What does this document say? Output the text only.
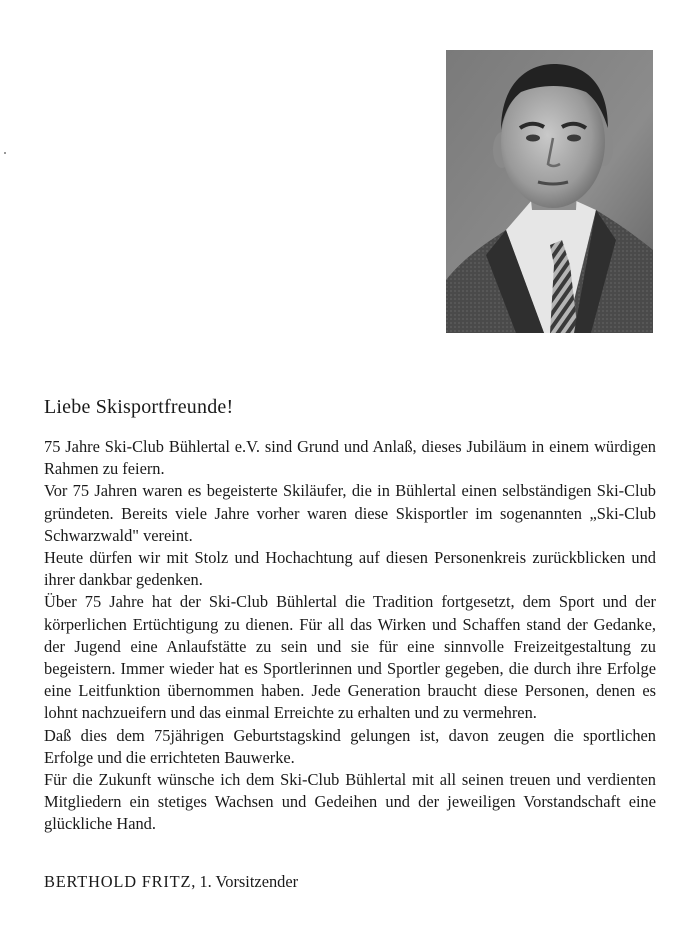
Liebe Skisportfreunde!

75 Jahre Ski-Club Bühlertal e.V. sind Grund und Anlaß, dieses Jubiläum in einem würdigen Rahmen zu feiern.

Vor 75 Jahren waren es begeisterte Skiläufer, die in Bühlertal einen selbständigen Ski-Club gründeten. Bereits viele Jahre vorher waren diese Skisportler im sogenannten „Ski-Club Schwarzwald" vereint.

Heute dürfen wir mit Stolz und Hochachtung auf diesen Personenkreis zurückblicken und ihrer dankbar gedenken.

Über 75 Jahre hat der Ski-Club Bühlertal die Tradition fortgesetzt, dem Sport und der körperlichen Ertüchtigung zu dienen. Für all das Wirken und Schaffen stand der Gedanke, der Jugend eine Anlaufstätte zu sein und sie für eine sinnvolle Freizeitgestaltung zu begeistern. Immer wieder hat es Sportlerinnen und Sportler gegeben, die durch ihre Erfolge eine Leitfunktion übernommen haben. Jede Generation braucht diese Personen, denen es lohnt nachzueifern und das einmal Erreichte zu erhalten und zu vermehren.

Daß dies dem 75jährigen Geburtstagskind gelungen ist, davon zeugen die sportlichen Erfolge und die errichteten Bauwerke.

Für die Zukunft wünsche ich dem Ski-Club Bühlertal mit all seinen treuen und verdienten Mitgliedern ein stetiges Wachsen und Gedeihen und der jeweiligen Vorstandschaft eine glückliche Hand.

BERTHOLD FRITZ, 1. Vorsitzender
